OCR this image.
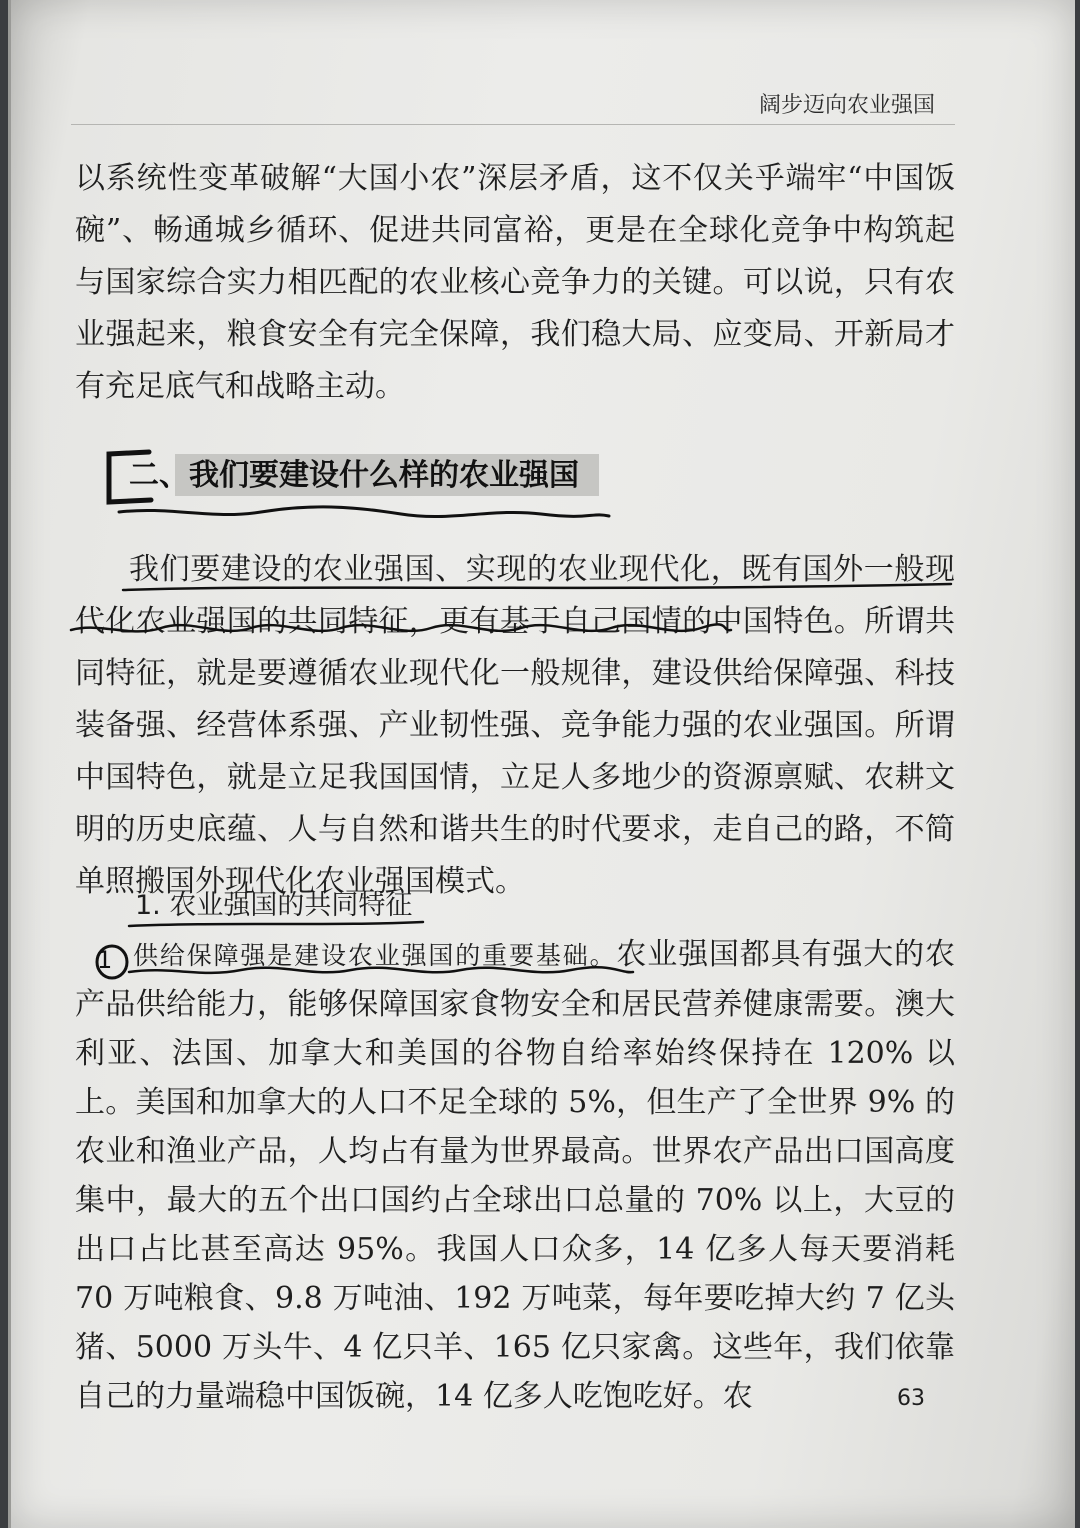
阔步迈向农业强国
以系统性变革破解“大国小农”深层矛盾，这不仅关乎端牢“中国饭碗”、畅通城乡循环、促进共同富裕，更是在全球化竞争中构筑起与国家综合实力相匹配的农业核心竞争力的关键。可以说，只有农业强起来，粮食安全有完全保障，我们稳大局、应变局、开新局才有充足底气和战略主动。
二、我们要建设什么样的农业强国
我们要建设的农业强国、实现的农业现代化，既有国外一般现代化农业强国的共同特征，更有基于自己国情的中国特色。所谓共同特征，就是要遵循农业现代化一般规律，建设供给保障强、科技装备强、经营体系强、产业韧性强、竞争能力强的农业强国。所谓中国特色，就是立足我国国情，立足人多地少的资源禀赋、农耕文明的历史底蕴、人与自然和谐共生的时代要求，走自己的路，不简单照搬国外现代化农业强国模式。
1. 农业强国的共同特征
1 供给保障强是建设农业强国的重要基础。农业强国都具有强大的农产品供给能力，能够保障国家食物安全和居民营养健康需要。澳大利亚、法国、加拿大和美国的谷物自给率始终保持在 120% 以上。美国和加拿大的人口不足全球的 5%，但生产了全世界 9% 的农业和渔业产品，人均占有量为世界最高。世界农产品出口国高度集中，最大的五个出口国约占全球出口总量的 70% 以上，大豆的出口占比甚至高达 95%。我国人口众多，14 亿多人每天要消耗 70 万吨粮食、9.8 万吨油、192 万吨菜，每年要吃掉大约 7 亿头猪、5000 万头牛、4 亿只羊、165 亿只家禽。这些年，我们依靠自己的力量端稳中国饭碗，14 亿多人吃饱吃好。农	63
